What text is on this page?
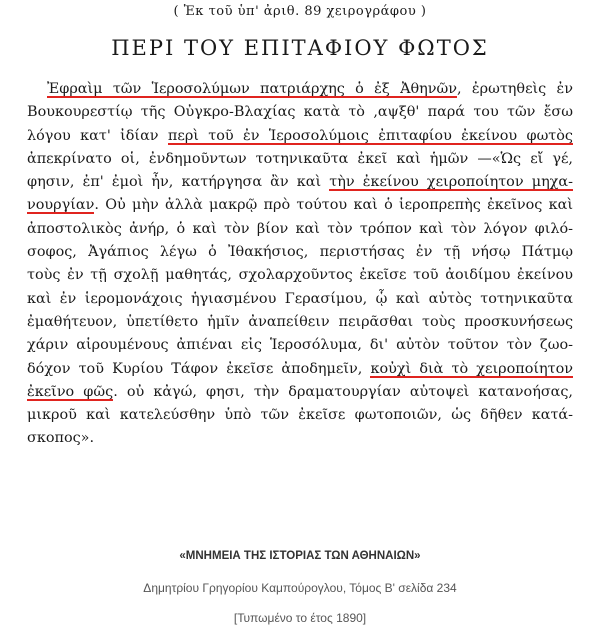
( Ἐκ τοῦ ὑπ' ἀριθ. 89 χειρογράφου )
ΠΕΡΙ ΤΟΥ ΕΠΙΤΑΦΙΟΥ ΦΩΤΟΣ
Ἐφραὶμ τῶν Ἱεροσολύμων πατριάρχης ὁ ἐξ Ἀθηνῶν, ἐρωτηθεὶς ἐν
Βουκουρεστίῳ τῆς Οὐγκρο-Βλαχίας κατὰ τὸ ‚αψξθ' παρά του τῶν ἔσω
λόγου κατ' ἰδίαν περὶ τοῦ ἐν Ἱεροσολύμοις ἐπιταφίου ἐκείνου φωτὸς
ἀπεκρίνατο οἱ, ἐνδημοῦντων τοτηνικαῦτα ἐκεῖ καὶ ἡμῶν —«Ὡς εἴ γέ,
φησιν, ἐπ' ἐμοὶ ἦν, κατήργησα ἂν καὶ τὴν ἐκείνου χειροποίητον μηχα-
νουργίαν. Οὐ μὴν ἀλλὰ μακρῷ πρὸ τούτου καὶ ὁ ἱεροπρεπὴς ἐκεῖνος καὶ
ἀποστολικὸς ἀνήρ, ὁ καὶ τὸν βίον καὶ τὸν τρόπον καὶ τὸν λόγον φιλό-
σοφος, Ἀγάπιος λέγω ὁ Ἰθακήσιος, περιστήσας ἐν τῇ νήσῳ Πάτμῳ
τοὺς ἐν τῇ σχολῇ μαθητάς, σχολαρχοῦντος ἐκεῖσε τοῦ ἀοιδίμου ἐκείνου
καὶ ἐν ἱερομονάχοις ἡγιασμένου Γερασίμου, ᾧ καὶ αὐτὸς τοτηνικαῦτα
ἐμαθήτευον, ὑπετίθετο ἡμῖν ἀναπείθειν πειρᾶσθαι τοὺς προσκυνήσεως
χάριν αἱρουμένους ἀπιέναι εἰς Ἱεροσόλυμα, δι' αὐτὸν τοῦτον τὸν ζωο-
δόχον τοῦ Κυρίου Τάφον ἐκεῖσε ἀποδημεῖν, κοὐχὶ διὰ τὸ χειροποίητον
ἐκεῖνο φῶς. οὐ κἀγώ, φησι, τὴν δραματουργίαν αὐτοψεὶ κατανοήσας,
μικροῦ καὶ κατελεύσθην ὑπὸ τῶν ἐκεῖσε φωτοποιῶν, ὡς δῆθεν κατά-
σκοπος».
«ΜΝΗΜΕΙΑ ΤΗΣ ΙΣΤΟΡΙΑΣ ΤΩΝ ΑΘΗΝΑΙΩΝ»
Δημητρίου Γρηγορίου Καμπούρογλου, Τόμος Β' σελίδα 234
[Τυπωμένο το έτος 1890]
